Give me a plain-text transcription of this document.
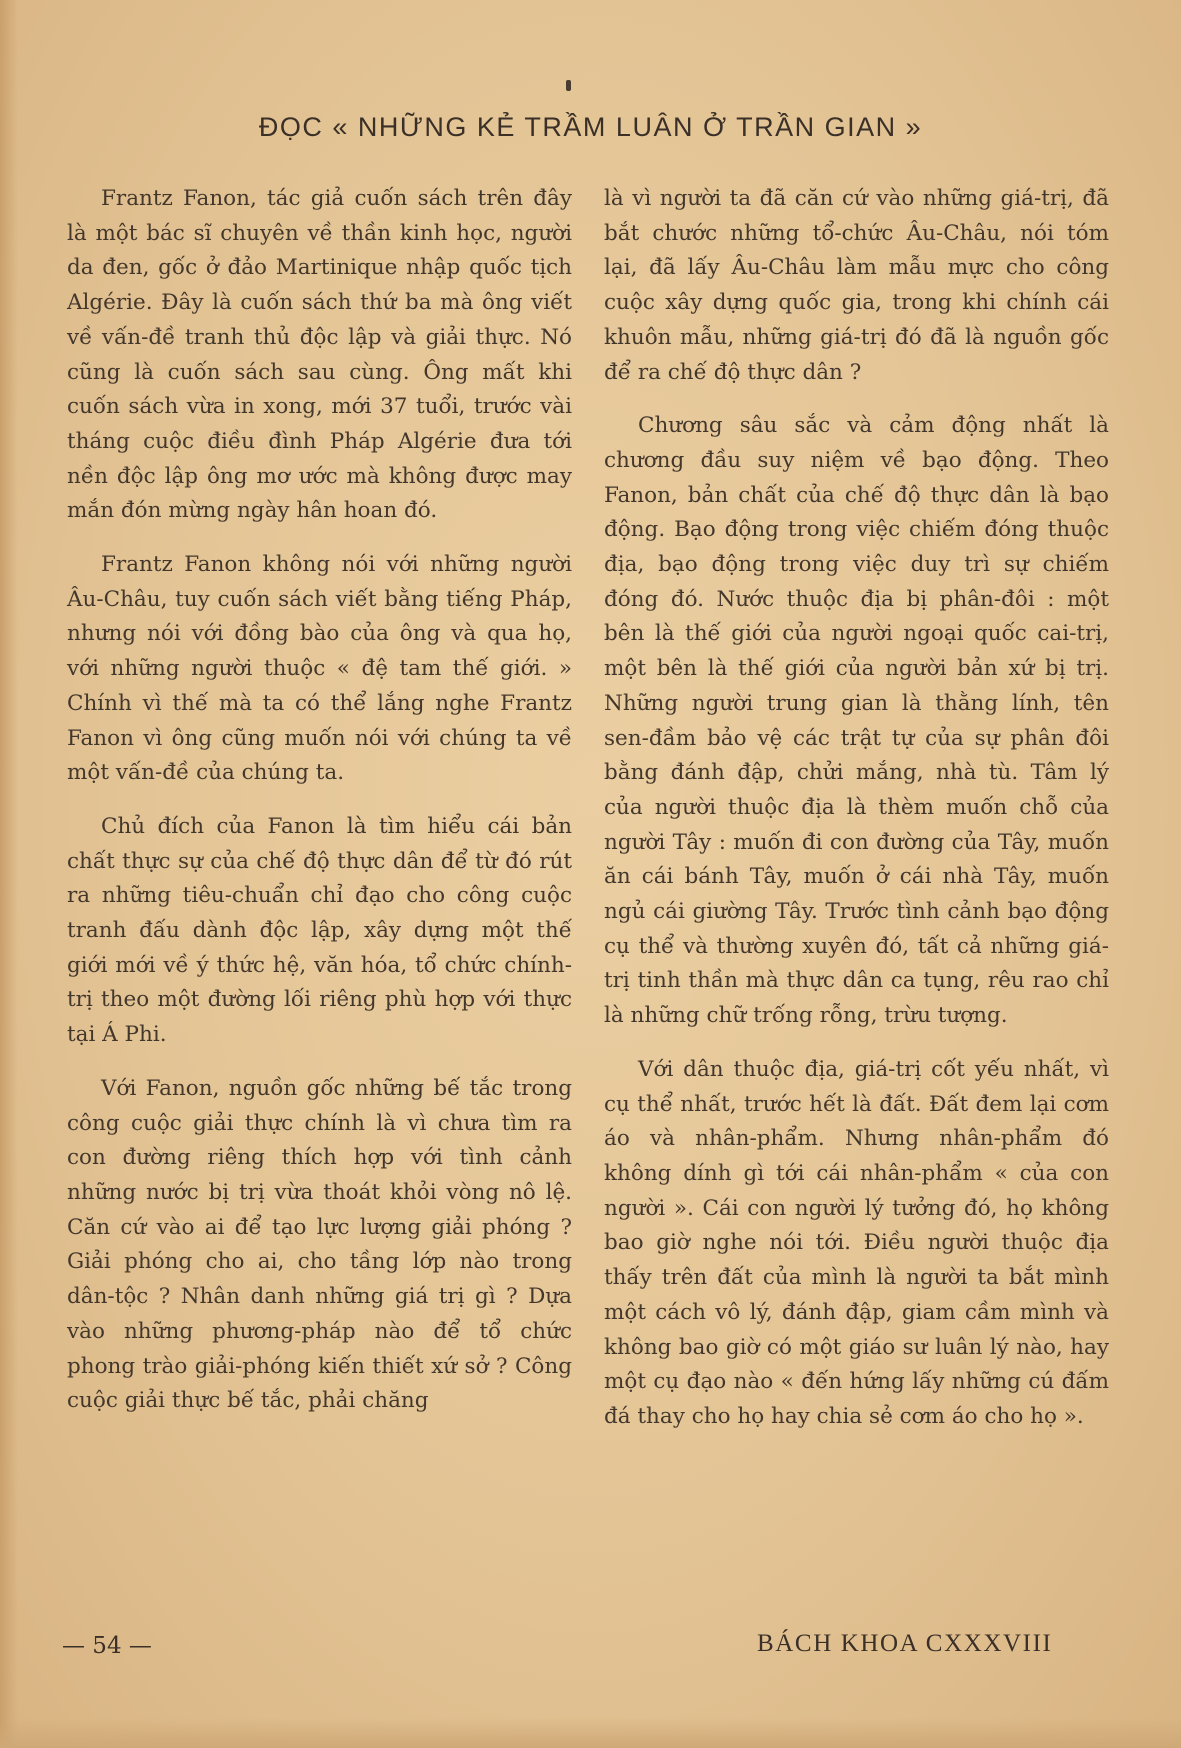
ĐỌC « NHỮNG KẺ TRẦM LUÂN Ở TRẦN GIAN »

Frantz Fanon, tác giả cuốn sách trên đây là một bác sĩ chuyên về thần kinh học, người da đen, gốc ở đảo Martinique nhập quốc tịch Algérie. Đây là cuốn sách thứ ba mà ông viết về vấn-đề tranh thủ độc lập và giải thực. Nó cũng là cuốn sách sau cùng. Ông mất khi cuốn sách vừa in xong, mới 37 tuổi, trước vài tháng cuộc điều đình Pháp Algérie đưa tới nền độc lập ông mơ ước mà không được may mắn đón mừng ngày hân hoan đó.

Frantz Fanon không nói với những người Âu-Châu, tuy cuốn sách viết bằng tiếng Pháp, nhưng nói với đồng bào của ông và qua họ, với những người thuộc « đệ tam thế giới. » Chính vì thế mà ta có thể lắng nghe Frantz Fanon vì ông cũng muốn nói với chúng ta về một vấn-đề của chúng ta.

Chủ đích của Fanon là tìm hiểu cái bản chất thực sự của chế độ thực dân để từ đó rút ra những tiêu-chuẩn chỉ đạo cho công cuộc tranh đấu dành độc lập, xây dựng một thế giới mới về ý thức hệ, văn hóa, tổ chức chính-trị theo một đường lối riêng phù hợp với thực tại Á Phi.

Với Fanon, nguồn gốc những bế tắc trong công cuộc giải thực chính là vì chưa tìm ra con đường riêng thích hợp với tình cảnh những nước bị trị vừa thoát khỏi vòng nô lệ. Căn cứ vào ai để tạo lực lượng giải phóng ? Giải phóng cho ai, cho tầng lớp nào trong dân-tộc ? Nhân danh những giá trị gì ? Dựa vào những phương-pháp nào để tổ chức phong trào giải-phóng kiến thiết xứ sở ? Công cuộc giải thực bế tắc, phải chăng

là vì người ta đã căn cứ vào những giá-trị, đã bắt chước những tổ-chức Âu-Châu, nói tóm lại, đã lấy Âu-Châu làm mẫu mực cho công cuộc xây dựng quốc gia, trong khi chính cái khuôn mẫu, những giá-trị đó đã là nguồn gốc để ra chế độ thực dân ?

Chương sâu sắc và cảm động nhất là chương đầu suy niệm về bạo động. Theo Fanon, bản chất của chế độ thực dân là bạo động. Bạo động trong việc chiếm đóng thuộc địa, bạo động trong việc duy trì sự chiếm đóng đó. Nước thuộc địa bị phân-đôi : một bên là thế giới của người ngoại quốc cai-trị, một bên là thế giới của người bản xứ bị trị. Những người trung gian là thằng lính, tên sen-đầm bảo vệ các trật tự của sự phân đôi bằng đánh đập, chửi mắng, nhà tù. Tâm lý của người thuộc địa là thèm muốn chỗ của người Tây : muốn đi con đường của Tây, muốn ăn cái bánh Tây, muốn ở cái nhà Tây, muốn ngủ cái giường Tây. Trước tình cảnh bạo động cụ thể và thường xuyên đó, tất cả những giá-trị tinh thần mà thực dân ca tụng, rêu rao chỉ là những chữ trống rỗng, trừu tượng.

Với dân thuộc địa, giá-trị cốt yếu nhất, vì cụ thể nhất, trước hết là đất. Đất đem lại cơm áo và nhân-phẩm. Nhưng nhân-phẩm đó không dính gì tới cái nhân-phẩm « của con người ». Cái con người lý tưởng đó, họ không bao giờ nghe nói tới. Điều người thuộc địa thấy trên đất của mình là người ta bắt mình một cách vô lý, đánh đập, giam cầm mình và không bao giờ có một giáo sư luân lý nào, hay một cụ đạo nào « đến hứng lấy những cú đấm đá thay cho họ hay chia sẻ cơm áo cho họ ».

— 54 —	BÁCH KHOA CXXXVIII
